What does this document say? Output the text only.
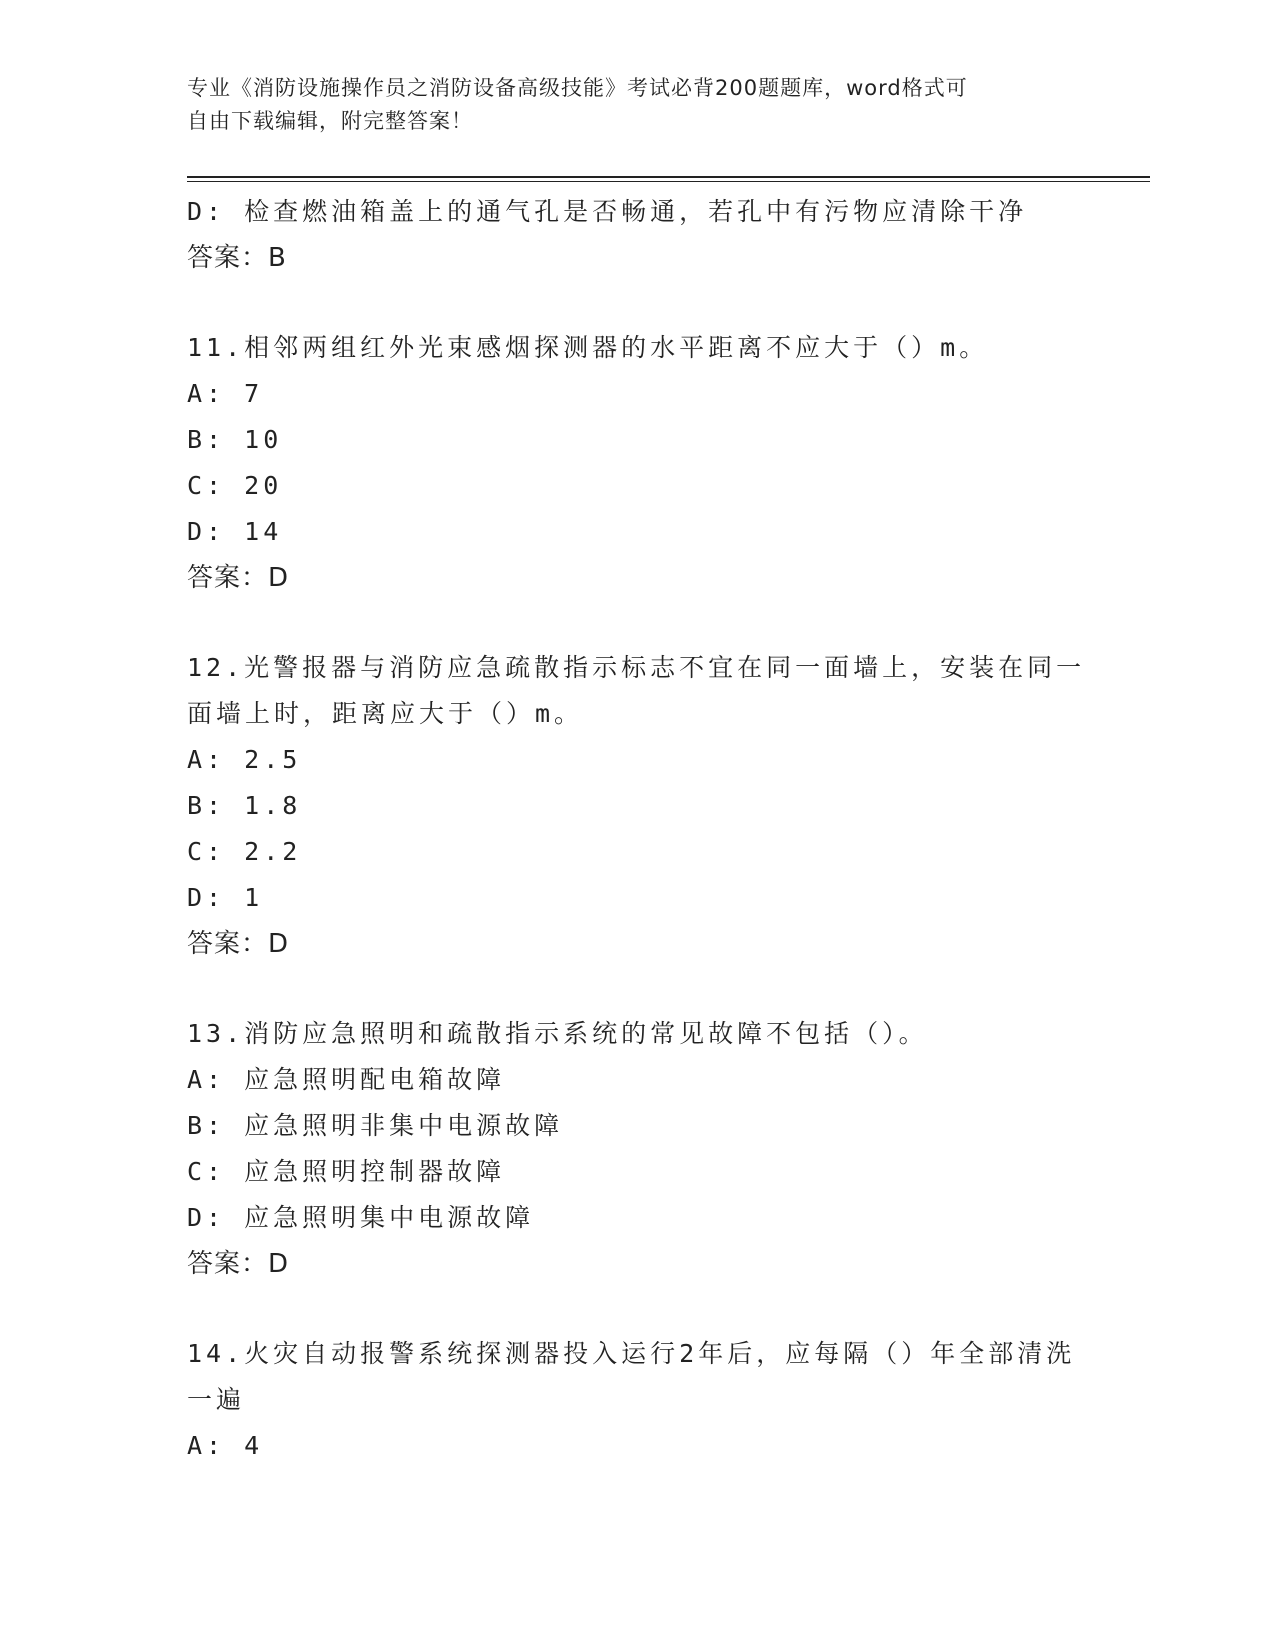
专业《消防设施操作员之消防设备高级技能》考试必背200题题库，word格式可
自由下载编辑，附完整答案！
D: 检查燃油箱盖上的通气孔是否畅通，若孔中有污物应清除干净
答案：B
11.相邻两组红外光束感烟探测器的水平距离不应大于（）m。
A: 7
B: 10
C: 20
D: 14
答案：D
12.光警报器与消防应急疏散指示标志不宜在同一面墙上，安装在同一
面墙上时，距离应大于（）m。
A: 2.5
B: 1.8
C: 2.2
D: 1
答案：D
13.消防应急照明和疏散指示系统的常见故障不包括（）。
A: 应急照明配电箱故障
B: 应急照明非集中电源故障
C: 应急照明控制器故障
D: 应急照明集中电源故障
答案：D
14.火灾自动报警系统探测器投入运行2年后，应每隔（）年全部清洗
一遍
A: 4
